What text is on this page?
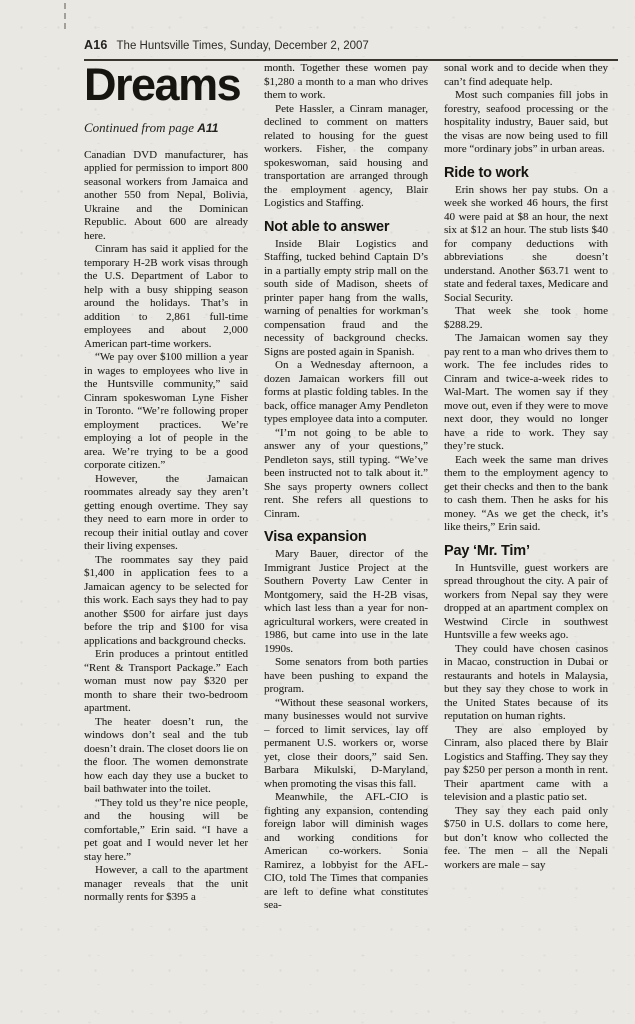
A16 The Huntsville Times, Sunday, December 2, 2007
Dreams
Continued from page A11

Canadian DVD manufacturer, has applied for permission to import 800 seasonal workers from Jamaica and another 550 from Nepal, Bolivia, Ukraine and the Dominican Republic. About 600 are already here.

Cinram has said it applied for the temporary H-2B work visas through the U.S. Department of Labor to help with a busy shipping season around the holidays. That’s in addition to 2,861 full-time employees and about 2,000 American part-time workers.

“We pay over $100 million a year in wages to employees who live in the Huntsville community,” said Cinram spokeswoman Lyne Fisher in Toronto. “We’re following proper employment practices. We’re employing a lot of people in the area. We’re trying to be a good corporate citizen.”

However, the Jamaican roommates already say they aren’t getting enough overtime. They say they need to earn more in order to recoup their initial outlay and cover their living expenses.

The roommates say they paid $1,400 in application fees to a Jamaican agency to be selected for this work. Each says they had to pay another $500 for airfare just days before the trip and $100 for visa applications and background checks.

Erin produces a printout entitled “Rent & Transport Package.” Each woman must now pay $320 per month to share their two-bedroom apartment.

The heater doesn’t run, the windows don’t seal and the tub doesn’t drain. The closet doors lie on the floor. The women demonstrate how each day they use a bucket to bail bathwater into the toilet.

“They told us they’re nice people, and the housing will be comfortable,” Erin said. “I have a pet goat and I would never let her stay here.”

However, a call to the apartment manager reveals that the unit normally rents for $395 a

month. Together these women pay $1,280 a month to a man who drives them to work.

Pete Hassler, a Cinram manager, declined to comment on matters related to housing for the guest workers. Fisher, the company spokeswoman, said housing and transportation are arranged through the employment agency, Blair Logistics and Staffing.

Not able to answer

Inside Blair Logistics and Staffing, tucked behind Captain D’s in a partially empty strip mall on the south side of Madison, sheets of printer paper hang from the walls, warning of penalties for workman’s compensation fraud and the necessity of background checks. Signs are posted again in Spanish.

On a Wednesday afternoon, a dozen Jamaican workers fill out forms at plastic folding tables. In the back, office manager Amy Pendleton types employee data into a computer.

“I’m not going to be able to answer any of your questions,” Pendleton says, still typing. “We’ve been instructed not to talk about it.” She says property owners collect rent. She refers all questions to Cinram.

Visa expansion

Mary Bauer, director of the Immigrant Justice Project at the Southern Poverty Law Center in Montgomery, said the H-2B visas, which last less than a year for non-agricultural workers, were created in 1986, but came into use in the late 1990s.

Some senators from both parties have been pushing to expand the program.

“Without these seasonal workers, many businesses would not survive – forced to limit services, lay off permanent U.S. workers or, worse yet, close their doors,” said Sen. Barbara Mikulski, D-Maryland, when promoting the visas this fall.

Meanwhile, the AFL-CIO is fighting any expansion, contending foreign labor will diminish wages and working conditions for American co-workers. Sonia Ramirez, a lobbyist for the AFL-CIO, told The Times that companies are left to define what constitutes sea-

sonal work and to decide when they can’t find adequate help.

Most such companies fill jobs in forestry, seafood processing or the hospitality industry, Bauer said, but the visas are now being used to fill more “ordinary jobs” in urban areas.

Ride to work

Erin shows her pay stubs. On a week she worked 46 hours, the first 40 were paid at $8 an hour, the next six at $12 an hour. The stub lists $40 for company deductions with abbreviations she doesn’t understand. Another $63.71 went to state and federal taxes, Medicare and Social Security.

That week she took home $288.29.

The Jamaican women say they pay rent to a man who drives them to work. The fee includes rides to Cinram and twice-a-week rides to Wal-Mart. The women say if they move out, even if they were to move next door, they would no longer have a ride to work. They say they’re stuck.

Each week the same man drives them to the employment agency to get their checks and then to the bank to cash them. Then he asks for his money. “As we get the check, it’s like theirs,” Erin said.

Pay ‘Mr. Tim’

In Huntsville, guest workers are spread throughout the city. A pair of workers from Nepal say they were dropped at an apartment complex on Westwind Circle in southwest Huntsville a few weeks ago.

They could have chosen casinos in Macao, construction in Dubai or restaurants and hotels in Malaysia, but they say they chose to work in the United States because of its reputation on human rights.

They are also employed by Cinram, also placed there by Blair Logistics and Staffing. They say they pay $250 per person a month in rent. Their apartment came with a television and a plastic patio set.

They say they each paid only $750 in U.S. dollars to come here, but don’t know who collected the fee. The men – all the Nepali workers are male – say
